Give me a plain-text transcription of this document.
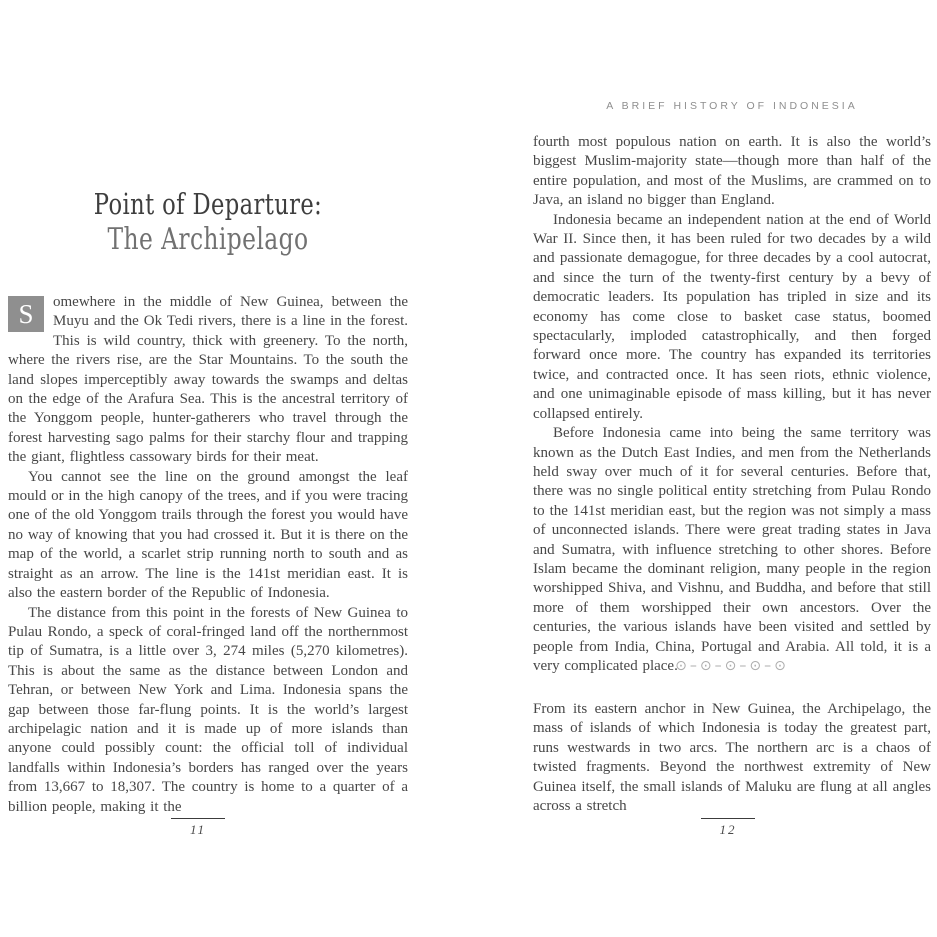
Point of Departure:
The Archipelago

S	omewhere in the middle of New Guinea, between the Muyu and the Ok Tedi rivers, there is a line in the forest. This is wild country, thick with greenery. To the north, where the rivers rise, are the Star Mountains. To the south the land slopes imperceptibly away towards the swamps and deltas on the edge of the Arafura Sea. This is the ancestral territory of the Yonggom people, hunter-gatherers who travel through the forest harvesting sago palms for their starchy flour and trapping the giant, flightless cassowary birds for their meat.

You cannot see the line on the ground amongst the leaf mould or in the high canopy of the trees, and if you were tracing one of the old Yonggom trails through the forest you would have no way of knowing that you had crossed it. But it is there on the map of the world, a scarlet strip running north to south and as straight as an arrow. The line is the 141st meridian east. It is also the eastern border of the Republic of Indonesia.

The distance from this point in the forests of New Guinea to Pulau Rondo, a speck of coral-fringed land off the northernmost tip of Sumatra, is a little over 3, 274 miles (5,270 kilometres). This is about the same as the distance between London and Tehran, or between New York and Lima. Indonesia spans the gap between those far-flung points. It is the world’s largest archipelagic nation and it is made up of more islands than anyone could possibly count: the official toll of individual landfalls within Indonesia’s borders has ranged over the years from 13,667 to 18,307. The country is home to a quarter of a billion people, making it the

11
A BRIEF HISTORY OF INDONESIA

fourth most populous nation on earth. It is also the world’s biggest Muslim-majority state—though more than half of the entire population, and most of the Muslims, are crammed on to Java, an island no bigger than England.

Indonesia became an independent nation at the end of World War II. Since then, it has been ruled for two decades by a wild and passionate demagogue, for three decades by a cool autocrat, and since the turn of the twenty-first century by a bevy of democratic leaders. Its population has tripled in size and its economy has come close to basket case status, boomed spectacularly, imploded catastrophically, and then forged forward once more. The country has expanded its territories twice, and contracted once. It has seen riots, ethnic violence, and one unimaginable episode of mass killing, but it has never collapsed entirely.

Before Indonesia came into being the same territory was known as the Dutch East Indies, and men from the Netherlands held sway over much of it for several centuries. Before that, there was no single political entity stretching from Pulau Rondo to the 141st meridian east, but the region was not simply a mass of unconnected islands. There were great trading states in Java and Sumatra, with influence stretching to other shores. Before Islam became the dominant religion, many people in the region worshipped Shiva, and Vishnu, and Buddha, and before that still more of them worshipped their own ancestors. Over the centuries, the various islands have been visited and settled by people from India, China, Portugal and Arabia. All told, it is a very complicated place.

⊙–⊙–⊙–⊙–⊙

From its eastern anchor in New Guinea, the Archipelago, the mass of islands of which Indonesia is today the greatest part, runs westwards in two arcs. The northern arc is a chaos of twisted fragments. Beyond the northwest extremity of New Guinea itself, the small islands of Maluku are flung at all angles across a stretch

12
